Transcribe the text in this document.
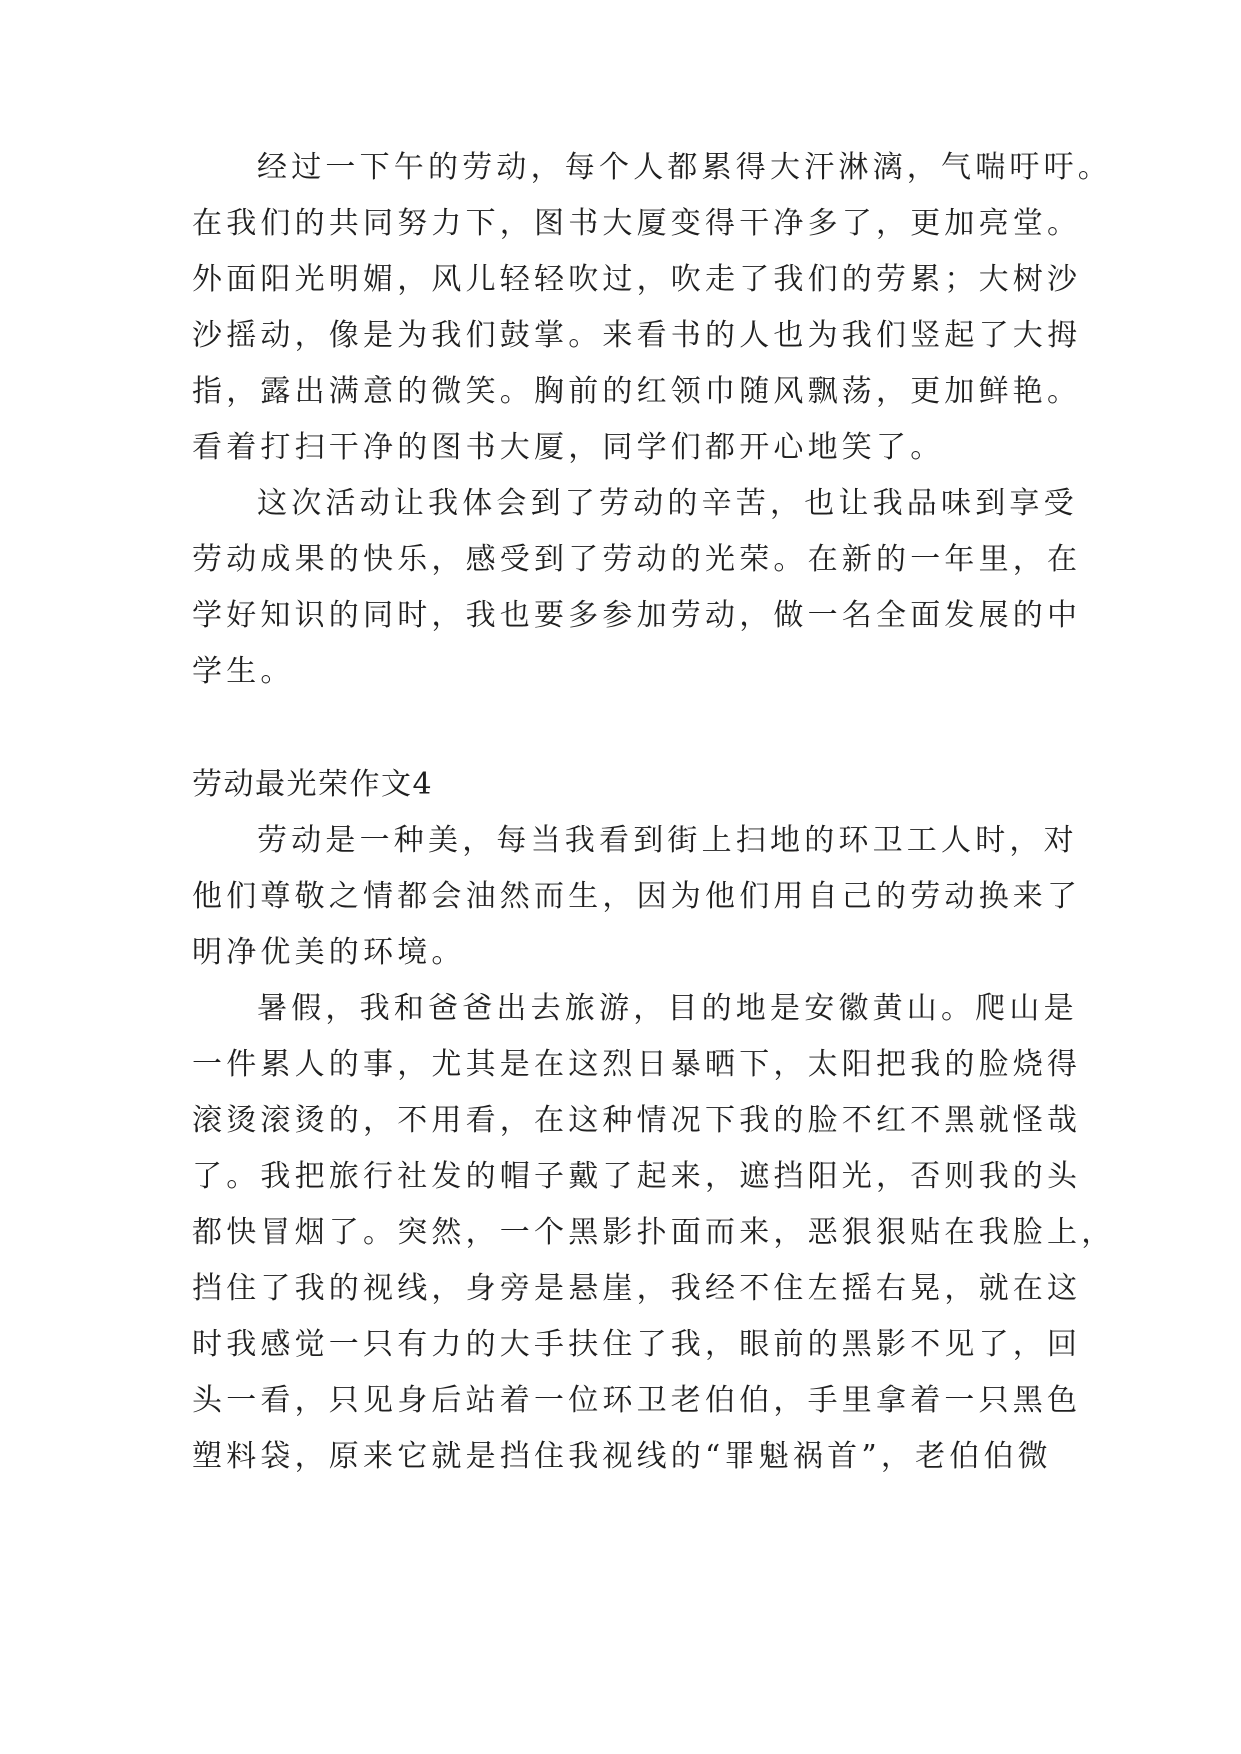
经过一下午的劳动，每个人都累得大汗淋漓，气喘吁吁。
在我们的共同努力下，图书大厦变得干净多了，更加亮堂。
外面阳光明媚，风儿轻轻吹过，吹走了我们的劳累；大树沙
沙摇动，像是为我们鼓掌。来看书的人也为我们竖起了大拇
指，露出满意的微笑。胸前的红领巾随风飘荡，更加鲜艳。
看着打扫干净的图书大厦，同学们都开心地笑了。
这次活动让我体会到了劳动的辛苦，也让我品味到享受
劳动成果的快乐，感受到了劳动的光荣。在新的一年里，在
学好知识的同时，我也要多参加劳动，做一名全面发展的中
学生。
劳动最光荣作文4
劳动是一种美，每当我看到街上扫地的环卫工人时，对
他们尊敬之情都会油然而生，因为他们用自己的劳动换来了
明净优美的环境。
暑假，我和爸爸出去旅游，目的地是安徽黄山。爬山是
一件累人的事，尤其是在这烈日暴晒下，太阳把我的脸烧得
滚烫滚烫的，不用看，在这种情况下我的脸不红不黑就怪哉
了。我把旅行社发的帽子戴了起来，遮挡阳光，否则我的头
都快冒烟了。突然，一个黑影扑面而来，恶狠狠贴在我脸上，
挡住了我的视线，身旁是悬崖，我经不住左摇右晃，就在这
时我感觉一只有力的大手扶住了我，眼前的黑影不见了，回
头一看，只见身后站着一位环卫老伯伯，手里拿着一只黑色
塑料袋，原来它就是挡住我视线的“罪魁祸首”，老伯伯微
